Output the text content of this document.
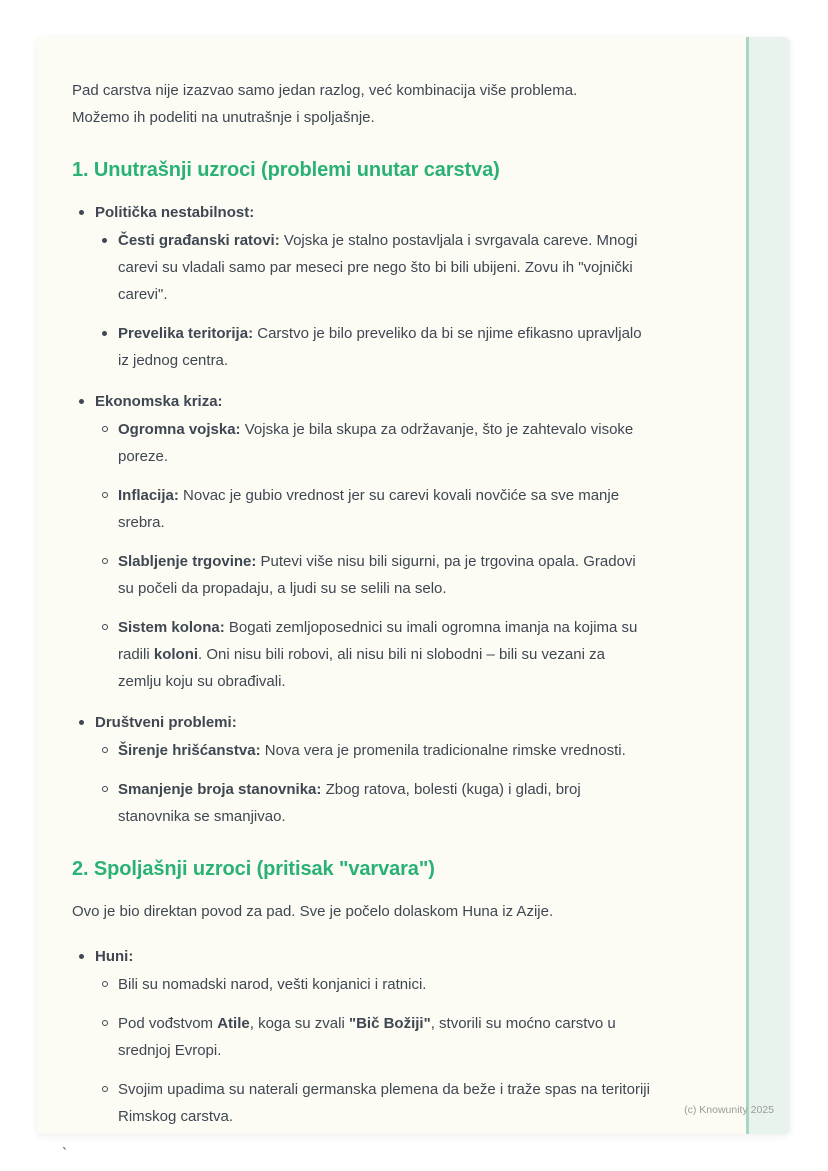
Pad carstva nije izazvao samo jedan razlog, već kombinacija više problema.
Možemo ih podeliti na unutrašnje i spoljašnje.

1. Unutrašnji uzroci (problemi unutar carstva)
Politička nestabilnost:
Česti građanski ratovi: Vojska je stalno postavljala i svrgavala careve. Mnogi carevi su vladali samo par meseci pre nego što bi bili ubijeni. Zovu ih "vojnički carevi".
Prevelika teritorija: Carstvo je bilo preveliko da bi se njime efikasno upravljalo iz jednog centra.
Ekonomska kriza:
Ogromna vojska: Vojska je bila skupa za održavanje, što je zahtevalo visoke poreze.
Inflacija: Novac je gubio vrednost jer su carevi kovali novčiće sa sve manje srebra.
Slabljenje trgovine: Putevi više nisu bili sigurni, pa je trgovina opala. Gradovi su počeli da propadaju, a ljudi su se selili na selo.
Sistem kolona: Bogati zemljoposednici su imali ogromna imanja na kojima su radili koloni. Oni nisu bili robovi, ali nisu bili ni slobodni – bili su vezani za zemlju koju su obrađivali.
Društveni problemi:
Širenje hrišćanstva: Nova vera je promenila tradicionalne rimske vrednosti.
Smanjenje broja stanovnika: Zbog ratova, bolesti (kuga) i gladi, broj stanovnika se smanjivao.
2. Spoljašnji uzroci (pritisak "varvara")

Ovo je bio direktan povod za pad. Sve je počelo dolaskom Huna iz Azije.

Huni:
Bili su nomadski narod, vešti konjanici i ratnici.
Pod vođstvom Atile, koga su zvali "Bič Božiji", stvorili su moćno carstvo u srednjoj Evropi.
Svojim upadima su naterali germanska plemena da beže i traže spas na teritoriji Rimskog carstva.
`
(c) Knowunity 2025
